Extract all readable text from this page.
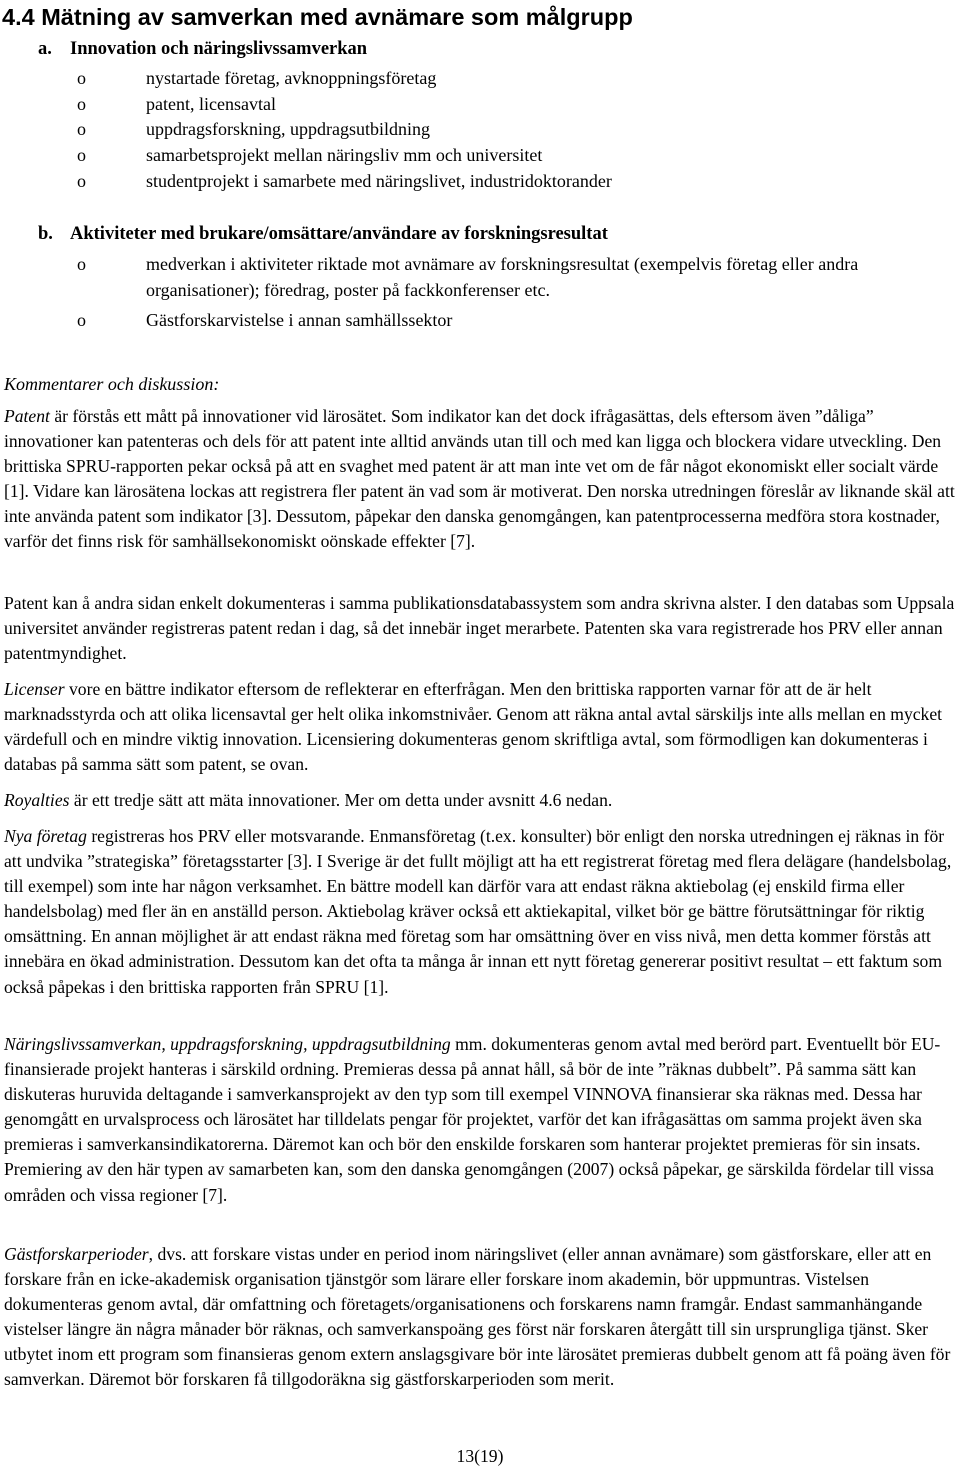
4.4 Mätning av samverkan med avnämare som målgrupp

a. Innovation och näringslivssamverkan

o	nystartade företag, avknoppningsföretag
o	patent, licensavtal
o	uppdragsforskning, uppdragsutbildning
o	samarbetsprojekt mellan näringsliv mm och universitet
o	studentprojekt i samarbete med näringslivet, industridoktorander

b. Aktiviteter med brukare/omsättare/användare av forskningsresultat

o	medverkan i aktiviteter riktade mot avnämare av forskningsresultat (exempelvis företag eller andra organisationer); föredrag, poster på fackkonferenser etc.
o	Gästforskarvistelse i annan samhällssektor

Kommentarer och diskussion:

Patent är förstås ett mått på innovationer vid lärosätet. Som indikator kan det dock ifrågasättas, dels eftersom även ”dåliga” innovationer kan patenteras och dels för att patent inte alltid används utan till och med kan ligga och blockera vidare utveckling. Den brittiska SPRU-rapporten pekar också på att en svaghet med patent är att man inte vet om de får något ekonomiskt eller socialt värde [1]. Vidare kan lärosätena lockas att registrera fler patent än vad som är motiverat. Den norska utredningen föreslår av liknande skäl att inte använda patent som indikator [3]. Dessutom, påpekar den danska genomgången, kan patentprocesserna medföra stora kostnader, varför det finns risk för samhällsekonomiskt oönskade effekter [7].

Patent kan å andra sidan enkelt dokumenteras i samma publikationsdatabassystem som andra skrivna alster. I den databas som Uppsala universitet använder registreras patent redan i dag, så det innebär inget merarbete. Patenten ska vara registrerade hos PRV eller annan patentmyndighet.

Licenser vore en bättre indikator eftersom de reflekterar en efterfrågan. Men den brittiska rapporten varnar för att de är helt marknadsstyrda och att olika licensavtal ger helt olika inkomstnivåer. Genom att räkna antal avtal särskiljs inte alls mellan en mycket värdefull och en mindre viktig innovation. Licensiering dokumenteras genom skriftliga avtal, som förmodligen kan dokumenteras i databas på samma sätt som patent, se ovan.

Royalties är ett tredje sätt att mäta innovationer. Mer om detta under avsnitt 4.6 nedan.

Nya företag registreras hos PRV eller motsvarande. Enmansföretag (t.ex. konsulter) bör enligt den norska utredningen ej räknas in för att undvika ”strategiska” företagsstarter [3]. I Sverige är det fullt möjligt att ha ett registrerat företag med flera delägare (handelsbolag, till exempel) som inte har någon verksamhet. En bättre modell kan därför vara att endast räkna aktiebolag (ej enskild firma eller handelsbolag) med fler än en anställd person. Aktiebolag kräver också ett aktiekapital, vilket bör ge bättre förutsättningar för riktig omsättning. En annan möjlighet är att endast räkna med företag som har omsättning över en viss nivå, men detta kommer förstås att innebära en ökad administration. Dessutom kan det ofta ta många år innan ett nytt företag genererar positivt resultat – ett faktum som också påpekas i den brittiska rapporten från SPRU [1].

Näringslivssamverkan, uppdragsforskning, uppdragsutbildning mm. dokumenteras genom avtal med berörd part. Eventuellt bör EU-finansierade projekt hanteras i särskild ordning. Premieras dessa på annat håll, så bör de inte ”räknas dubbelt”. På samma sätt kan diskuteras huruvida deltagande i samverkansprojekt av den typ som till exempel VINNOVA finansierar ska räknas med. Dessa har genomgått en urvalsprocess och lärosätet har tilldelats pengar för projektet, varför det kan ifrågasättas om samma projekt även ska premieras i samverkansindikatorerna. Däremot kan och bör den enskilde forskaren som hanterar projektet premieras för sin insats. Premiering av den här typen av samarbeten kan, som den danska genomgången (2007) också påpekar, ge särskilda fördelar till vissa områden och vissa regioner [7].

Gästforskarperioder, dvs. att forskare vistas under en period inom näringslivet (eller annan avnämare) som gästforskare, eller att en forskare från en icke-akademisk organisation tjänstgör som lärare eller forskare inom akademin, bör uppmuntras. Vistelsen dokumenteras genom avtal, där omfattning och företagets/organisationens och forskarens namn framgår. Endast sammanhängande vistelser längre än några månader bör räknas, och samverkanspoäng ges först när forskaren återgått till sin ursprungliga tjänst. Sker utbytet inom ett program som finansieras genom extern anslagsgivare bör inte lärosätet premieras dubbelt genom att få poäng även för samverkan. Däremot bör forskaren få tillgodoräkna sig gästforskarperioden som merit.

13(19)
